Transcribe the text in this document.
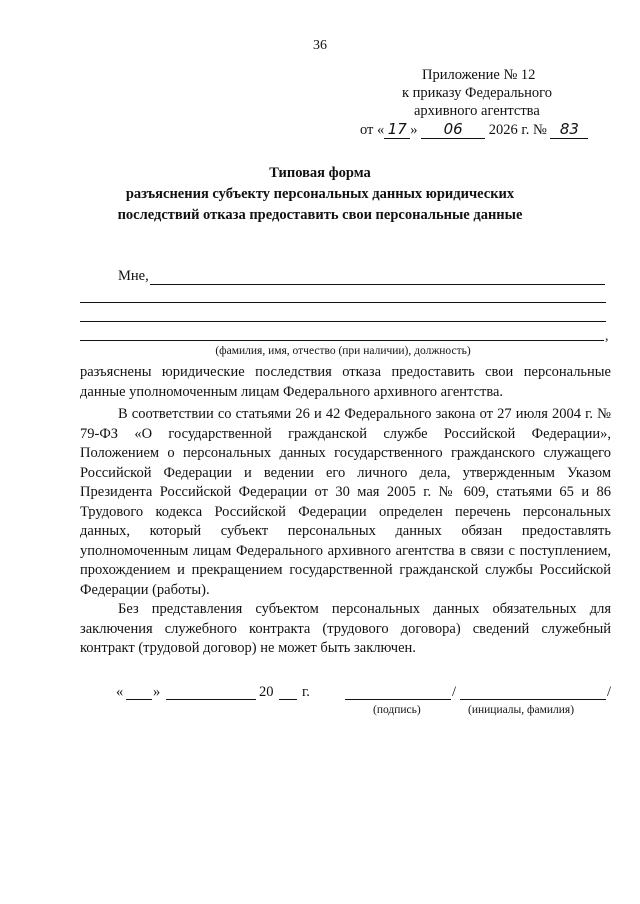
36
Приложение № 12
к приказу Федерального
архивного агентства
от « 17 » 06 2026 г. № 83
Типовая форма
разъяснения субъекту персональных данных юридических
последствий отказа предоставить свои персональные данные
Мне,
,
(фамилия, имя, отчество (при наличии), должность)
разъяснены юридические последствия отказа предоставить свои персональные данные уполномоченным лицам Федерального архивного агентства.
В соответствии со статьями 26 и 42 Федерального закона от 27 июля 2004 г. № 79-ФЗ «О государственной гражданской службе Российской Федерации», Положением о персональных данных государственного гражданского служащего Российской Федерации и ведении его личного дела, утвержденным Указом Президента Российской Федерации от 30 мая 2005 г. № 609, статьями 65 и 86 Трудового кодекса Российской Федерации определен перечень персональных данных, который субъект персональных данных обязан предоставлять уполномоченным лицам Федерального архивного агентства в связи с поступлением, прохождением и прекращением государственной гражданской службы Российской Федерации (работы).
Без представления субъектом персональных данных обязательных для заключения служебного контракта (трудового договора) сведений служебный контракт (трудовой договор) не может быть заключен.
« »	20 г.	/	/
(подпись)	(инициалы, фамилия)
